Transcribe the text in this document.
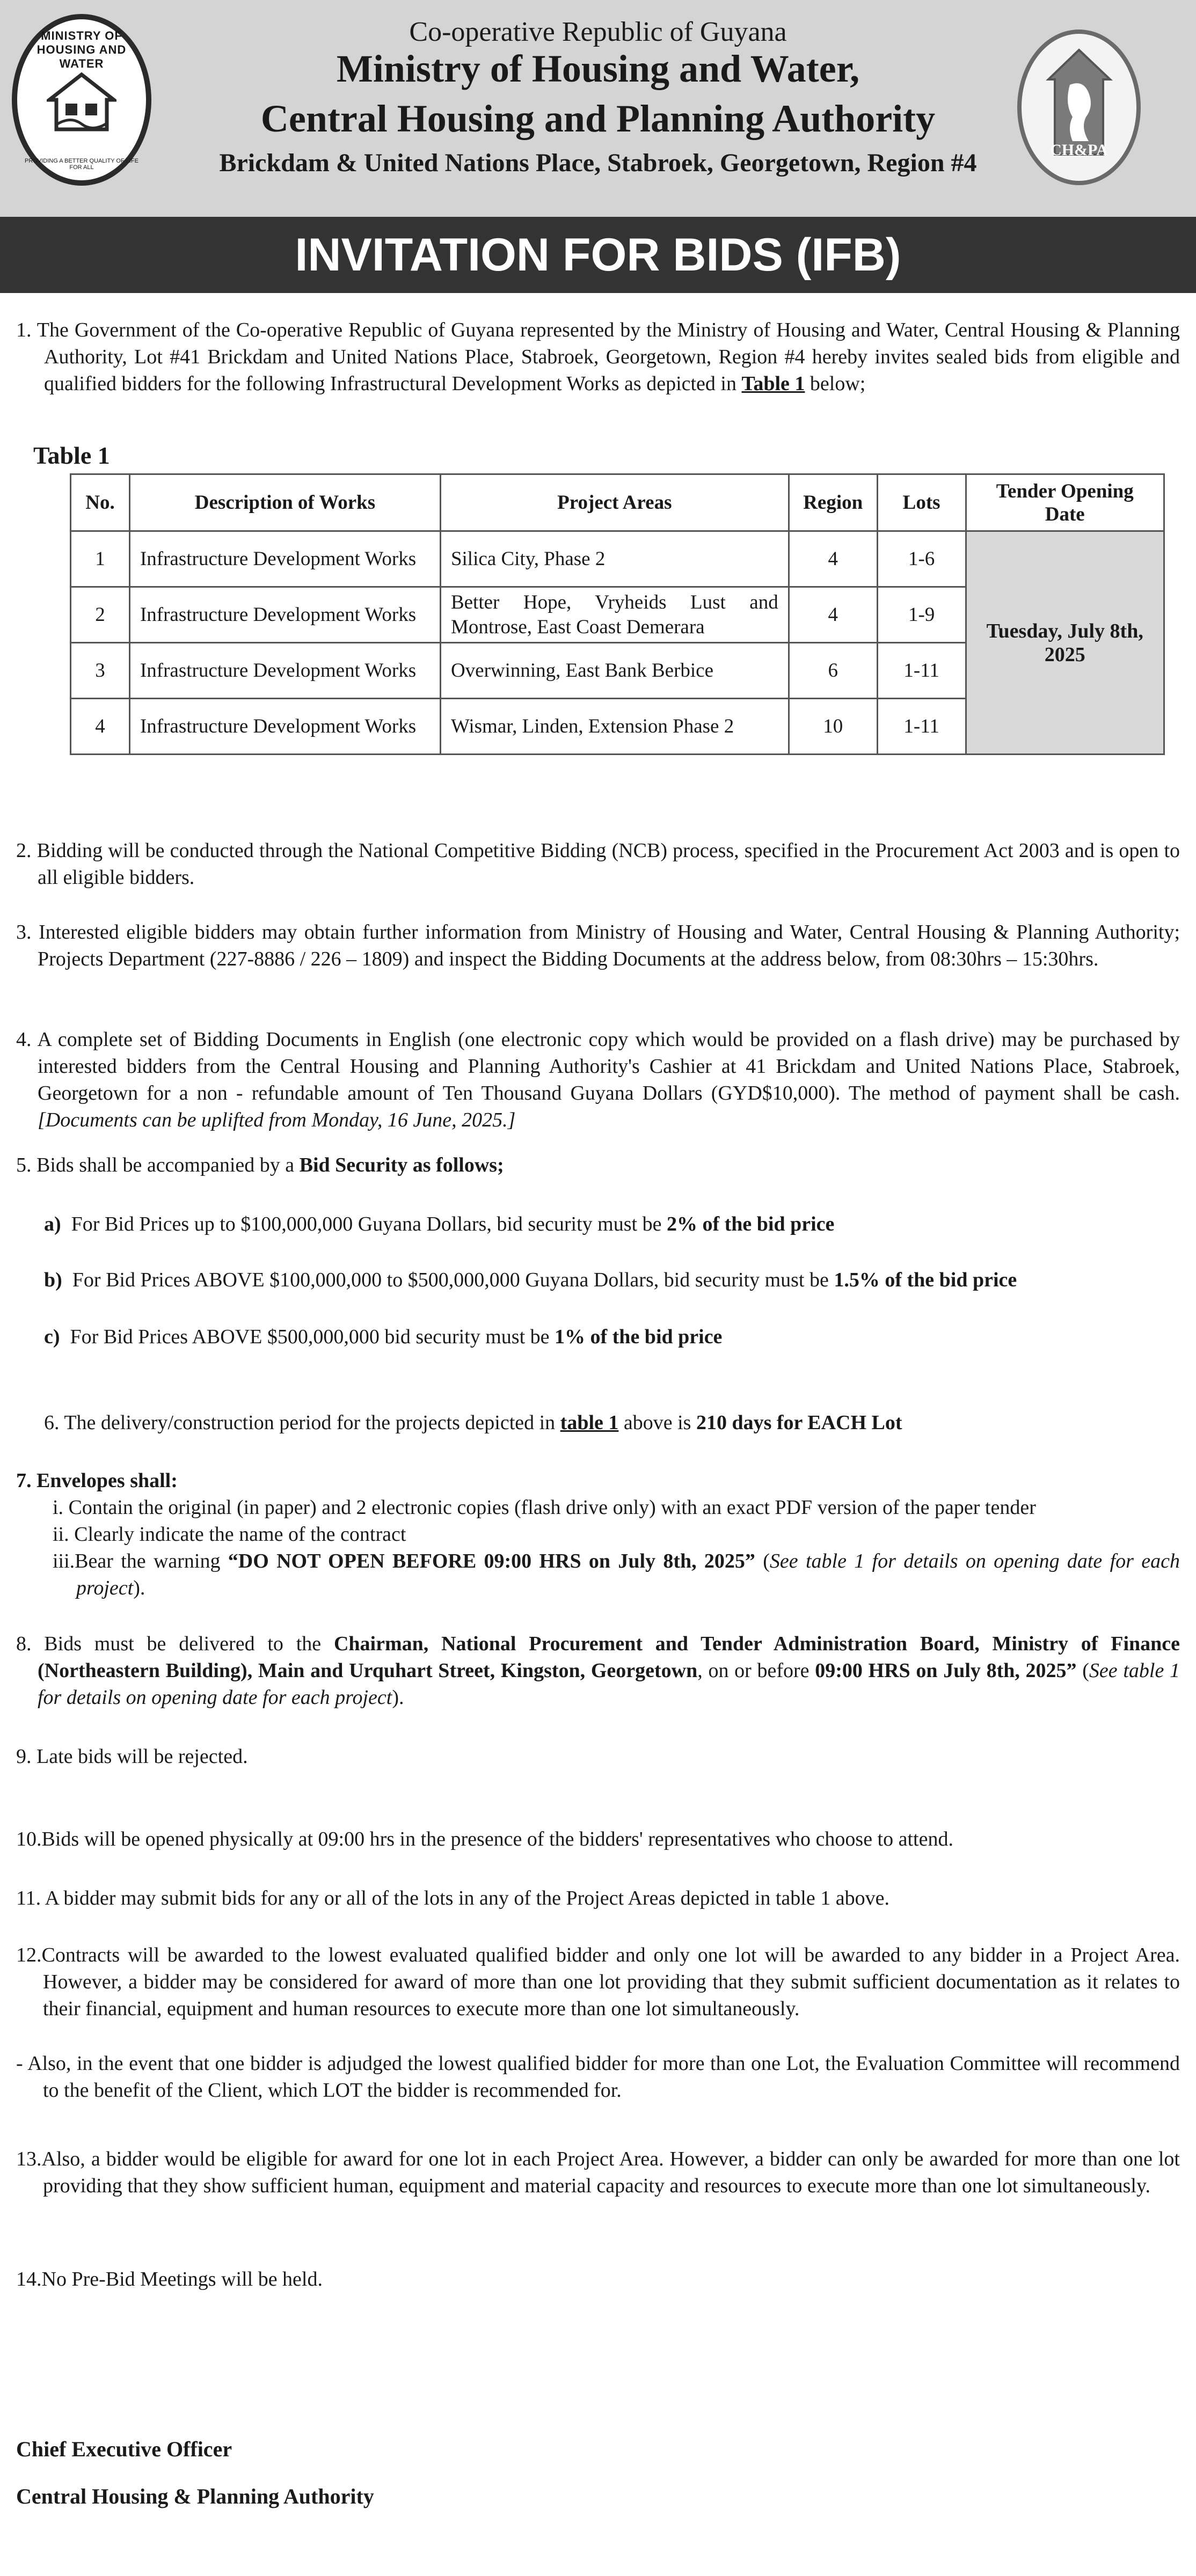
MINISTRY OF HOUSING AND WATER
PROVIDING A BETTER QUALITY OF LIFE FOR ALL
Co-operative Republic of Guyana
Ministry of Housing and Water,
Central Housing and Planning Authority
Brickdam & United Nations Place, Stabroek, Georgetown, Region #4	CH&PA
INVITATION FOR BIDS (IFB)
1. The Government of the Co-operative Republic of Guyana represented by the Ministry of Housing and Water, Central Housing & Planning Authority, Lot #41 Brickdam and United Nations Place, Stabroek, Georgetown, Region #4 hereby invites sealed bids from eligible and qualified bidders for the following Infrastructural Development Works as depicted in Table 1 below;
Table 1
No.	Description of Works	Project Areas	Region	Lots	Tender Opening Date
1	Infrastructure Development Works	Silica City, Phase 2	4	1-6	Tuesday, July 8th, 2025
2	Infrastructure Development Works	Better Hope, Vryheids Lust and Montrose, East Coast Demerara	4	1-9	
3	Infrastructure Development Works	Overwinning, East Bank Berbice	6	1-11	
4	Infrastructure Development Works	Wismar, Linden, Extension Phase 2	10	1-11	
2. Bidding will be conducted through the National Competitive Bidding (NCB) process, specified in the Procurement Act 2003 and is open to all eligible bidders.
3. Interested eligible bidders may obtain further information from Ministry of Housing and Water, Central Housing & Planning Authority; Projects Department (227-8886 / 226 – 1809) and inspect the Bidding Documents at the address below, from 08:30hrs – 15:30hrs.
4. A complete set of Bidding Documents in English (one electronic copy which would be provided on a flash drive) may be purchased by interested bidders from the Central Housing and Planning Authority's Cashier at 41 Brickdam and United Nations Place, Stabroek, Georgetown for a non - refundable amount of Ten Thousand Guyana Dollars (GYD$10,000). The method of payment shall be cash. [Documents can be uplifted from Monday, 16 June, 2025.]
5. Bids shall be accompanied by a Bid Security as follows;
a) For Bid Prices up to $100,000,000 Guyana Dollars, bid security must be 2% of the bid price
b) For Bid Prices ABOVE $100,000,000 to $500,000,000 Guyana Dollars, bid security must be 1.5% of the bid price
c) For Bid Prices ABOVE $500,000,000 bid security must be 1% of the bid price
6. The delivery/construction period for the projects depicted in table 1 above is 210 days for EACH Lot
7. Envelopes shall:
i. Contain the original (in paper) and 2 electronic copies (flash drive only) with an exact PDF version of the paper tender
ii. Clearly indicate the name of the contract
iii.Bear the warning “DO NOT OPEN BEFORE 09:00 HRS on July 8th, 2025” (See table 1 for details on opening date for each project).
8. Bids must be delivered to the Chairman, National Procurement and Tender Administration Board, Ministry of Finance (Northeastern Building), Main and Urquhart Street, Kingston, Georgetown, on or before 09:00 HRS on July 8th, 2025” (See table 1 for details on opening date for each project).
9. Late bids will be rejected.
10.Bids will be opened physically at 09:00 hrs in the presence of the bidders' representatives who choose to attend.
11. A bidder may submit bids for any or all of the lots in any of the Project Areas depicted in table 1 above.
12.Contracts will be awarded to the lowest evaluated qualified bidder and only one lot will be awarded to any bidder in a Project Area. However, a bidder may be considered for award of more than one lot providing that they submit sufficient documentation as it relates to their financial, equipment and human resources to execute more than one lot simultaneously.
- Also, in the event that one bidder is adjudged the lowest qualified bidder for more than one Lot, the Evaluation Committee will recommend to the benefit of the Client, which LOT the bidder is recommended for.
13.Also, a bidder would be eligible for award for one lot in each Project Area. However, a bidder can only be awarded for more than one lot providing that they show sufficient human, equipment and material capacity and resources to execute more than one lot simultaneously.
14.No Pre-Bid Meetings will be held.
Chief Executive Officer
Central Housing & Planning Authority
